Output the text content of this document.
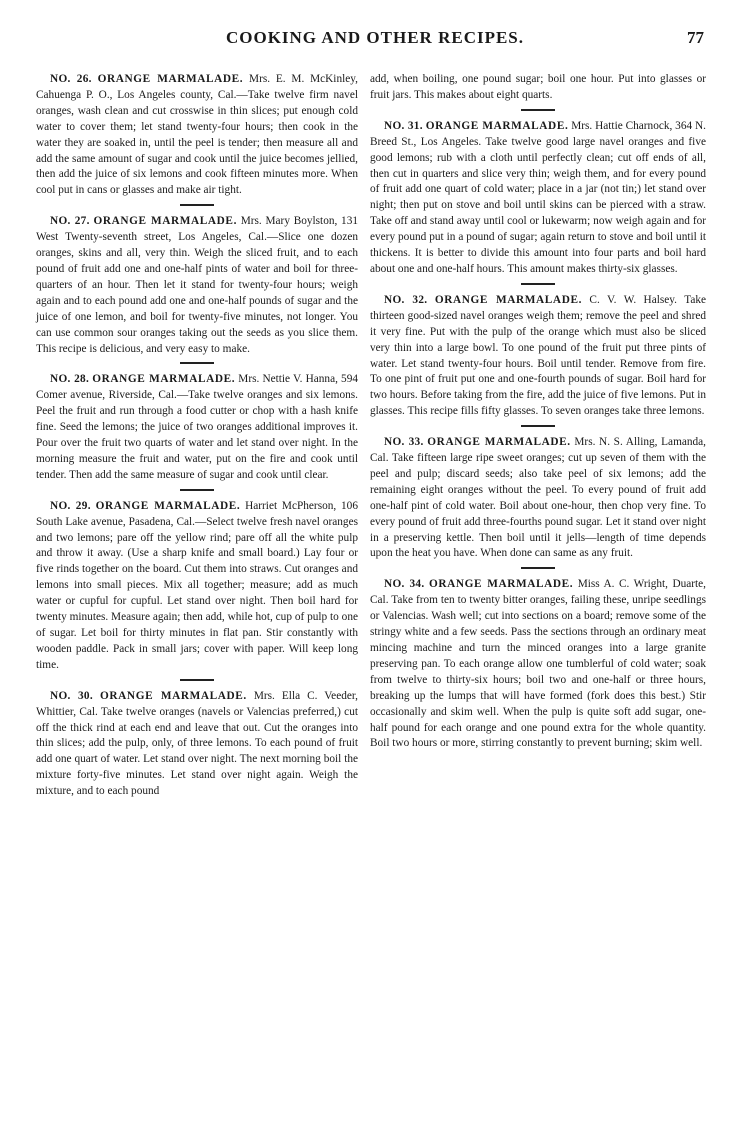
COOKING AND OTHER RECIPES.	77

NO. 26. ORANGE MARMALADE. Mrs. E. M. McKinley, Cahuenga P. O., Los Angeles county, Cal.—Take twelve firm navel oranges, wash clean and cut crosswise in thin slices; put enough cold water to cover them; let stand twenty-four hours; then cook in the water they are soaked in, until the peel is tender; then measure all and add the same amount of sugar and cook until the juice becomes jellied, then add the juice of six lemons and cook fifteen minutes more. When cool put in cans or glasses and make air tight.

NO. 27. ORANGE MARMALADE. Mrs. Mary Boylston, 131 West Twenty-seventh street, Los Angeles, Cal.—Slice one dozen oranges, skins and all, very thin. Weigh the sliced fruit, and to each pound of fruit add one and one-half pints of water and boil for three-quarters of an hour. Then let it stand for twenty-four hours; weigh again and to each pound add one and one-half pounds of sugar and the juice of one lemon, and boil for twenty-five minutes, not longer. You can use common sour oranges taking out the seeds as you slice them. This recipe is delicious, and very easy to make.

NO. 28. ORANGE MARMALADE. Mrs. Nettie V. Hanna, 594 Comer avenue, Riverside, Cal.—Take twelve oranges and six lemons. Peel the fruit and run through a food cutter or chop with a hash knife fine. Seed the lemons; the juice of two oranges additional improves it. Pour over the fruit two quarts of water and let stand over night. In the morning measure the fruit and water, put on the fire and cook until tender. Then add the same measure of sugar and cook until clear.

NO. 29. ORANGE MARMALADE. Harriet McPherson, 106 South Lake avenue, Pasadena, Cal.—Select twelve fresh navel oranges and two lemons; pare off the yellow rind; pare off all the white pulp and throw it away. (Use a sharp knife and small board.) Lay four or five rinds together on the board. Cut them into straws. Cut oranges and lemons into small pieces. Mix all together; measure; add as much water or cupful for cupful. Let stand over night. Then boil hard for twenty minutes. Measure again; then add, while hot, cup of pulp to one of sugar. Let boil for thirty minutes in flat pan. Stir constantly with wooden paddle. Pack in small jars; cover with paper. Will keep long time.

NO. 30. ORANGE MARMALADE. Mrs. Ella C. Veeder, Whittier, Cal. Take twelve oranges (navels or Valencias preferred,) cut off the thick rind at each end and leave that out. Cut the oranges into thin slices; add the pulp, only, of three lemons. To each pound of fruit add one quart of water. Let stand over night. The next morning boil the mixture forty-five minutes. Let stand over night again. Weigh the mixture, and to each pound

add, when boiling, one pound sugar; boil one hour. Put into glasses or fruit jars. This makes about eight quarts.

NO. 31. ORANGE MARMALADE. Mrs. Hattie Charnock, 364 N. Breed St., Los Angeles. Take twelve good large navel oranges and five good lemons; rub with a cloth until perfectly clean; cut off ends of all, then cut in quarters and slice very thin; weigh them, and for every pound of fruit add one quart of cold water; place in a jar (not tin;) let stand over night; then put on stove and boil until skins can be pierced with a straw. Take off and stand away until cool or lukewarm; now weigh again and for every pound put in a pound of sugar; again return to stove and boil until it thickens. It is better to divide this amount into four parts and boil hard about one and one-half hours. This amount makes thirty-six glasses.

NO. 32. ORANGE MARMALADE. C. V. W. Halsey. Take thirteen good-sized navel oranges weigh them; remove the peel and shred it very fine. Put with the pulp of the orange which must also be sliced very thin into a large bowl. To one pound of the fruit put three pints of water. Let stand twenty-four hours. Boil until tender. Remove from fire. To one pint of fruit put one and one-fourth pounds of sugar. Boil hard for two hours. Before taking from the fire, add the juice of five lemons. Put in glasses. This recipe fills fifty glasses. To seven oranges take three lemons.

NO. 33. ORANGE MARMALADE. Mrs. N. S. Alling, Lamanda, Cal. Take fifteen large ripe sweet oranges; cut up seven of them with the peel and pulp; discard seeds; also take peel of six lemons; add the remaining eight oranges without the peel. To every pound of fruit add one-half pint of cold water. Boil about one-hour, then chop very fine. To every pound of fruit add three-fourths pound sugar. Let it stand over night in a preserving kettle. Then boil until it jells—length of time depends upon the heat you have. When done can same as any fruit.

NO. 34. ORANGE MARMALADE. Miss A. C. Wright, Duarte, Cal. Take from ten to twenty bitter oranges, failing these, unripe seedlings or Valencias. Wash well; cut into sections on a board; remove some of the stringy white and a few seeds. Pass the sections through an ordinary meat mincing machine and turn the minced oranges into a large granite preserving pan. To each orange allow one tumblerful of cold water; soak from twelve to thirty-six hours; boil two and one-half or three hours, breaking up the lumps that will have formed (fork does this best.) Stir occasionally and skim well. When the pulp is quite soft add sugar, one-half pound for each orange and one pound extra for the whole quantity. Boil two hours or more, stirring constantly to prevent burning; skim well.
